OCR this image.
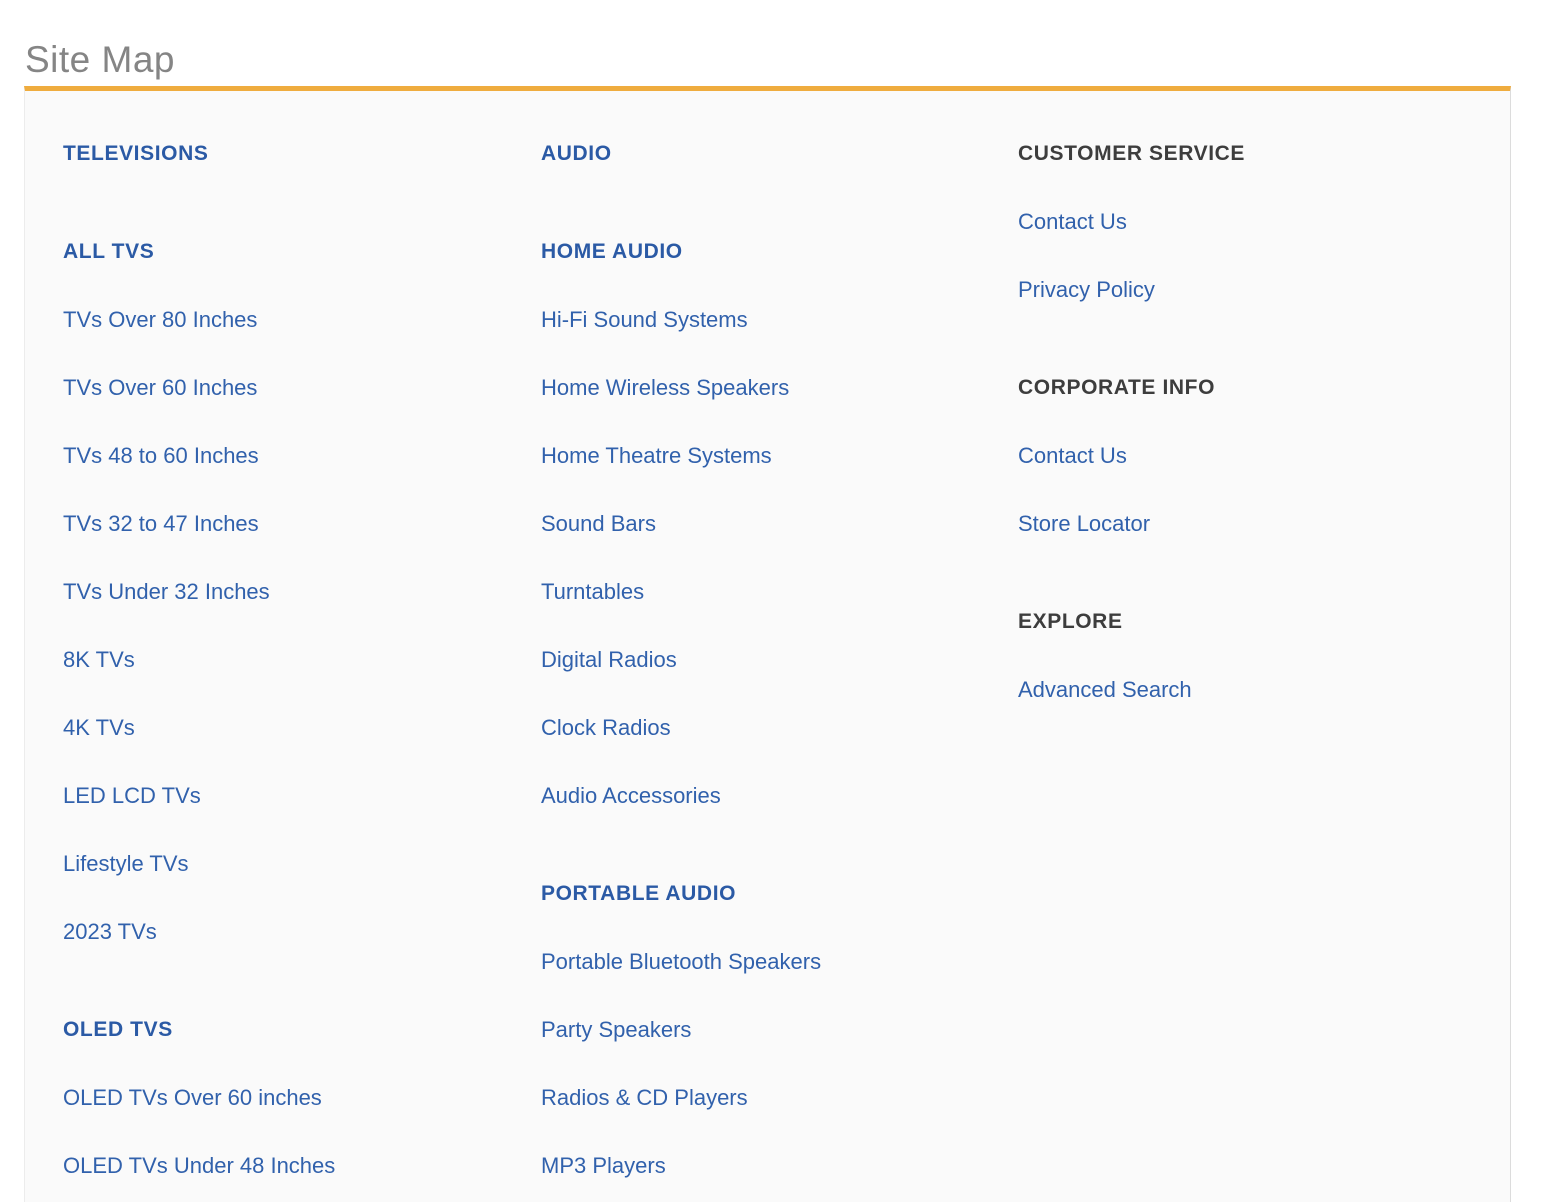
Site Map
TELEVISIONS
ALL TVS
TVs Over 80 Inches
TVs Over 60 Inches
TVs 48 to 60 Inches
TVs 32 to 47 Inches
TVs Under 32 Inches
8K TVs
4K TVs
LED LCD TVs
Lifestyle TVs
2023 TVs
OLED TVS
OLED TVs Over 60 inches
OLED TVs Under 48 Inches
AUDIO
HOME AUDIO
Hi-Fi Sound Systems
Home Wireless Speakers
Home Theatre Systems
Sound Bars
Turntables
Digital Radios
Clock Radios
Audio Accessories
PORTABLE AUDIO
Portable Bluetooth Speakers
Party Speakers
Radios & CD Players
MP3 Players
CUSTOMER SERVICE
Contact Us
Privacy Policy
CORPORATE INFO
Contact Us
Store Locator
EXPLORE
Advanced Search
